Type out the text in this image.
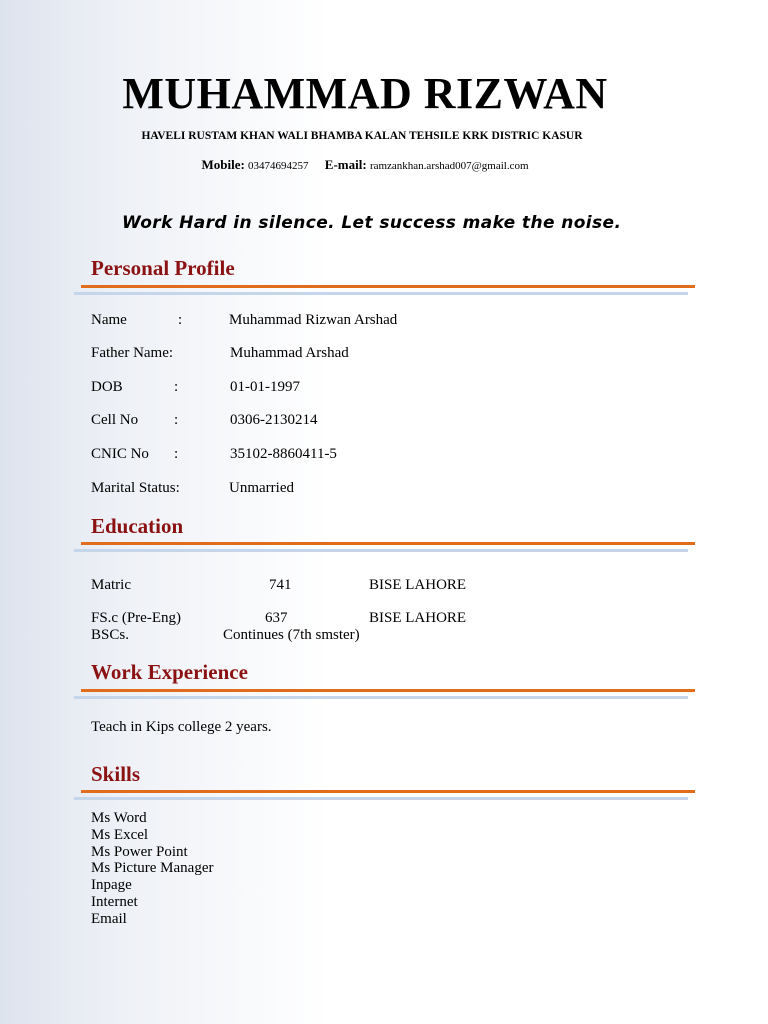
MUHAMMAD RIZWAN
HAVELI RUSTAM KHAN WALI BHAMBA KALAN TEHSILE KRK DISTRIC KASUR
Mobile: 03474694257 E-mail: ramzankhan.arshad007@gmail.com
Work Hard in silence. Let success make the noise.
Personal Profile
Name	:	Muhammad Rizwan Arshad
Father Name:	Muhammad Arshad
DOB	:	01-01-1997
Cell No :	0306-2130214
CNIC No :	35102-8860411-5
Marital Status:	Unmarried
Education
Matric	741	BISE LAHORE
FS.c (Pre-Eng)	637	BISE LAHORE
BSCs.	Continues (7th smster)
Work Experience
Teach in Kips college 2 years.
Skills
Ms Word
Ms Excel
Ms Power Point
Ms Picture Manager
Inpage
Internet
Email
